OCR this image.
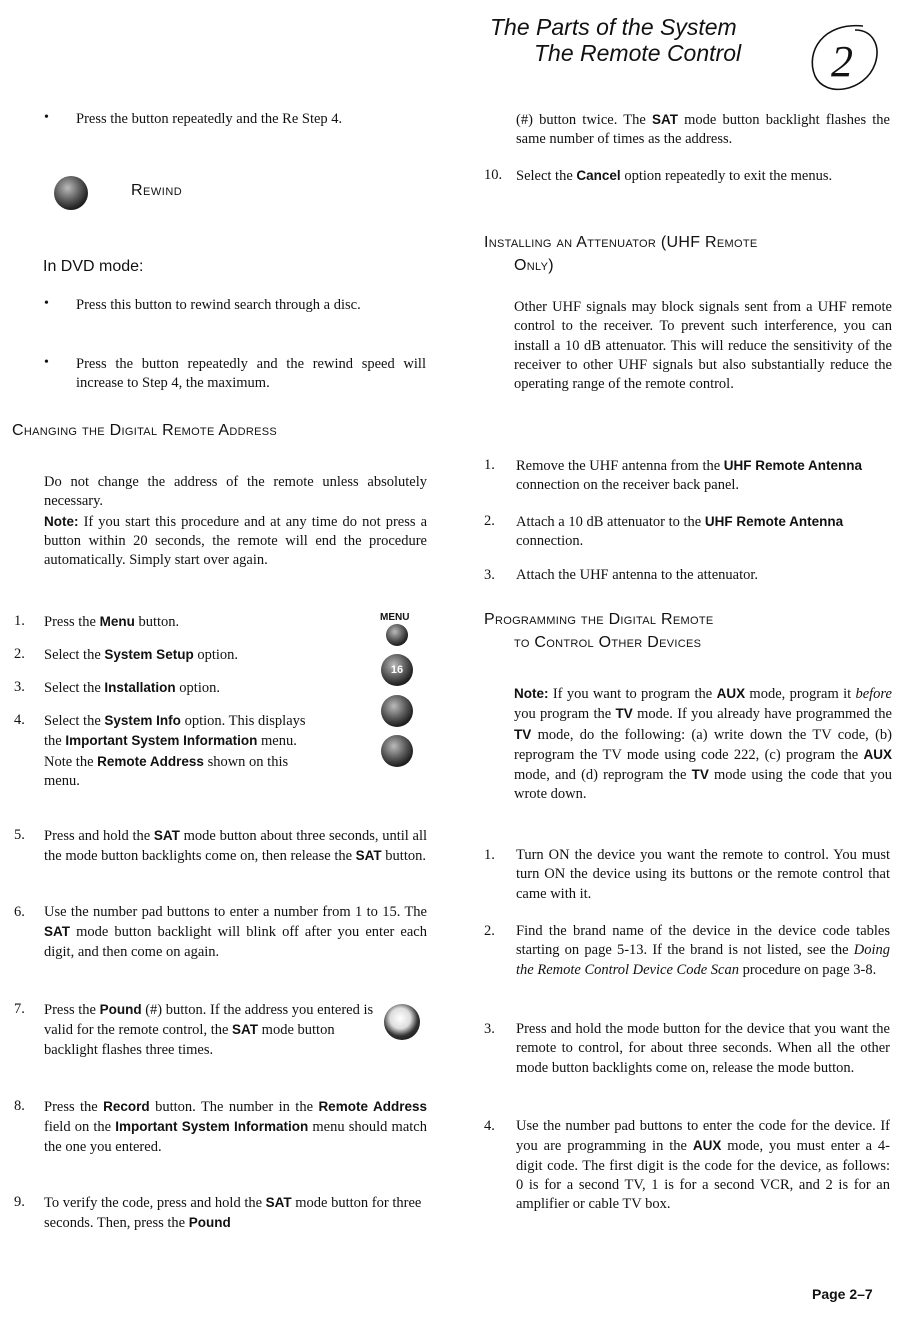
The Parts of the System
The Remote Control	2
• Press the button repeatedly and the Re Step 4.
Rewind
In DVD mode:
• Press this button to rewind search through a disc.
• Press the button repeatedly and the rewind speed will increase to Step 4, the maximum.
Changing the Digital Remote Address
Do not change the address of the remote unless absolutely necessary.
Note: If you start this procedure and at any time do not press a button within 20 seconds, the remote will end the procedure automatically. Simply start over again.
1. Press the Menu button.
2. Select the System Setup option.
3. Select the Installation option.
MENU
16
4. Select the System Info option. This displays the Important System Information menu.
Note the Remote Address shown on this menu.
5. Press and hold the SAT mode button about three seconds, until all the mode button backlights come on, then release the SAT button.
6. Use the number pad buttons to enter a number from 1 to 15. The SAT mode button backlight will blink off after you enter each digit, and then come on again.
7. Press the Pound (#) button. If the address you entered is valid for the remote control, the SAT mode button backlight flashes three times.
8. Press the Record button. The number in the Remote Address field on the Important System Information menu should match the one you entered.
9. To verify the code, press and hold the SAT mode button for three seconds. Then, press the Pound
(#) button twice. The SAT mode button backlight flashes the same number of times as the address.
10. Select the Cancel option repeatedly to exit the menus.
Installing an Attenuator (UHF Remote
Only)
Other UHF signals may block signals sent from a UHF remote control to the receiver. To prevent such interference, you can install a 10 dB attenuator. This will reduce the sensitivity of the receiver to other UHF signals but also substantially reduce the operating range of the remote control.
1. Remove the UHF antenna from the UHF Remote Antenna connection on the receiver back panel.
2. Attach a 10 dB attenuator to the UHF Remote Antenna connection.
3. Attach the UHF antenna to the attenuator.
Programming the Digital Remote
to Control Other Devices
Note: If you want to program the AUX mode, program it before you program the TV mode. If you already have programmed the TV mode, do the following: (a) write down the TV code, (b) reprogram the TV mode using code 222, (c) program the AUX mode, and (d) reprogram the TV mode using the code that you wrote down.
1. Turn ON the device you want the remote to control. You must turn ON the device using its buttons or the remote control that came with it.
2. Find the brand name of the device in the device code tables starting on page 5-13. If the brand is not listed, see the Doing the Remote Control Device Code Scan procedure on page 3-8.
3. Press and hold the mode button for the device that you want the remote to control, for about three seconds. When all the other mode button backlights come on, release the mode button.
4. Use the number pad buttons to enter the code for the device. If you are programming in the AUX mode, you must enter a 4-digit code. The first digit is the code for the device, as follows: 0 is for a second TV, 1 is for a second VCR, and 2 is for an amplifier or cable TV box.
Page 2–7
